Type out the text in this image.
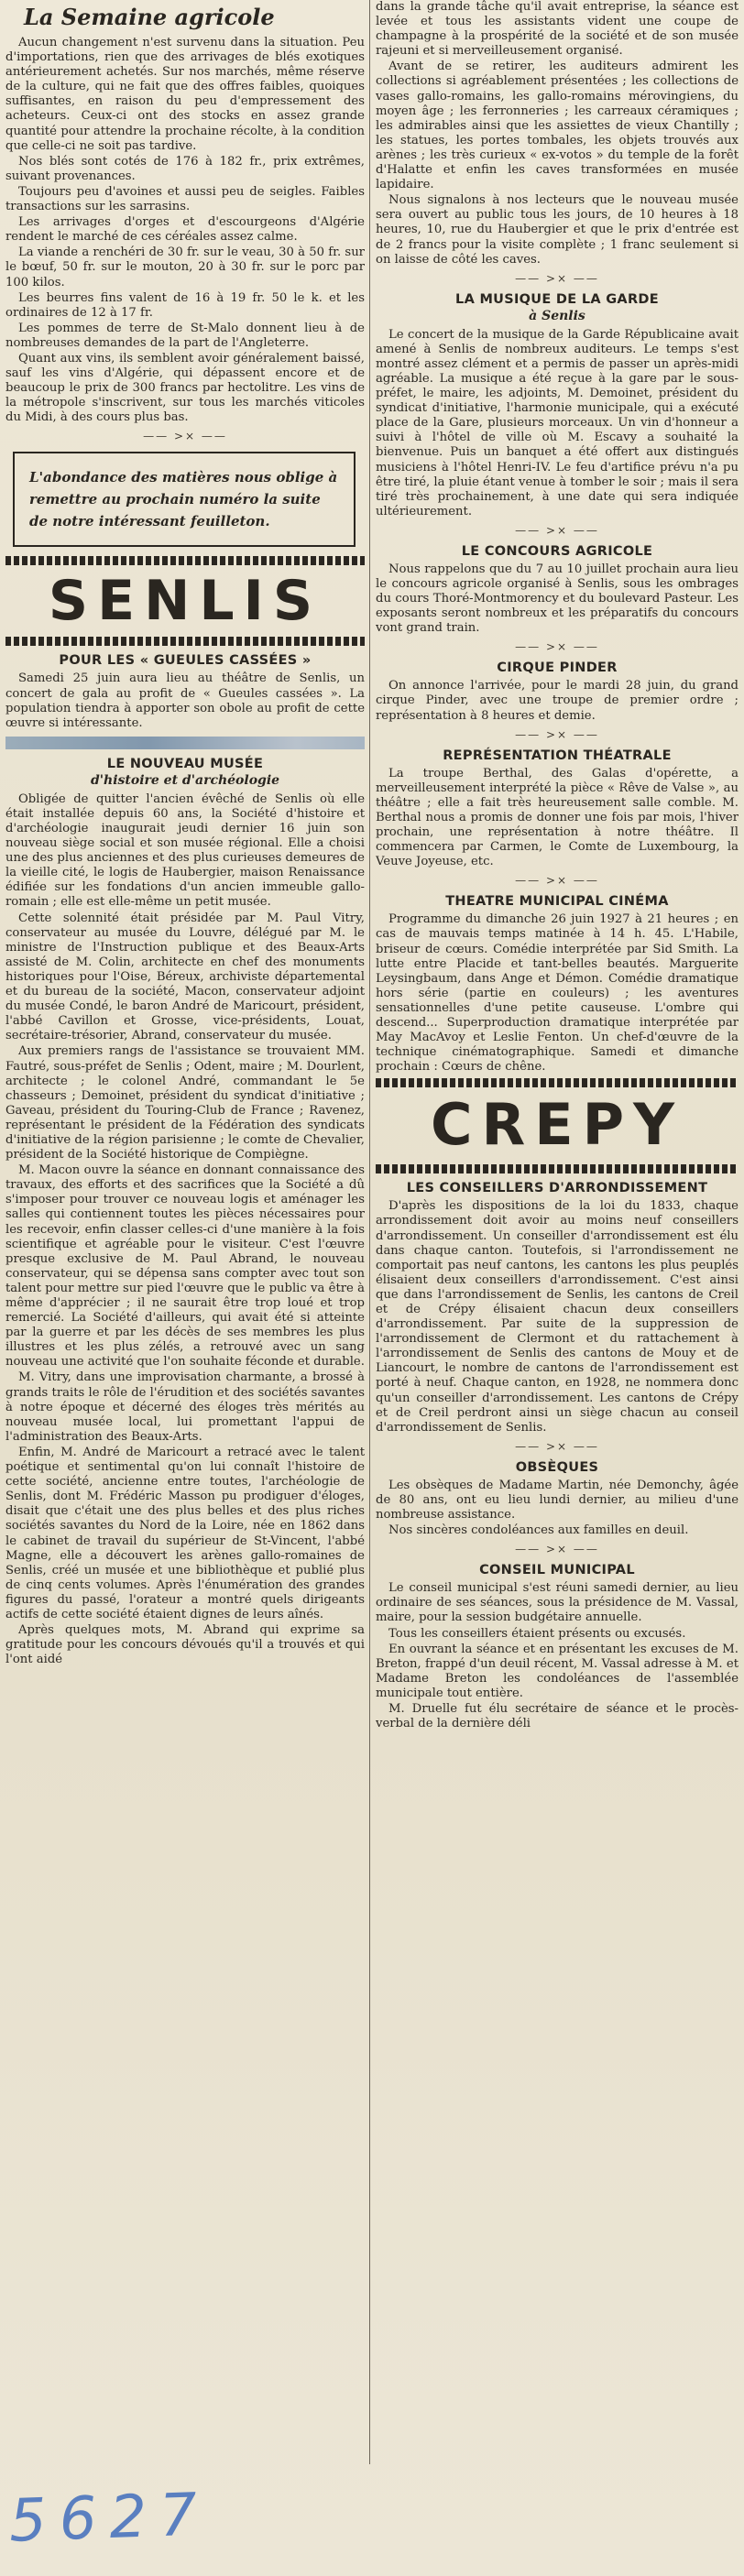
La Semaine agricole

Aucun changement n'est survenu dans la situation. Peu d'importations, rien que des arrivages de blés exotiques antérieurement achetés. Sur nos marchés, même réserve de la culture, qui ne fait que des offres faibles, quoiques suffisantes, en raison du peu d'empressement des acheteurs. Ceux-ci ont des stocks en assez grande quantité pour attendre la prochaine récolte, à la condition que celle-ci ne soit pas tardive.

Nos blés sont cotés de 176 à 182 fr., prix extrêmes, suivant provenances.

Toujours peu d'avoines et aussi peu de seigles. Faibles transactions sur les sarrasins.

Les arrivages d'orges et d'escourgeons d'Algérie rendent le marché de ces céréales assez calme.

La viande a renchéri de 30 fr. sur le veau, 30 à 50 fr. sur le bœuf, 50 fr. sur le mouton, 20 à 30 fr. sur le porc par 100 kilos.

Les beurres fins valent de 16 à 19 fr. 50 le k. et les ordinaires de 12 à 17 fr.

Les pommes de terre de St-Malo donnent lieu à de nombreuses demandes de la part de l'Angleterre.

Quant aux vins, ils semblent avoir généralement baissé, sauf les vins d'Algérie, qui dépassent encore et de beaucoup le prix de 300 francs par hectolitre. Les vins de la métropole s'inscrivent, sur tous les marchés viticoles du Midi, à des cours plus bas.

—— >× ——
L'abondance des matières nous oblige à remettre au prochain numéro la suite de notre intéressant feuilleton.
SENLIS
POUR LES « GUEULES CASSÉES »

Samedi 25 juin aura lieu au théâtre de Senlis, un concert de gala au profit de « Gueules cassées ». La population tiendra à apporter son obole au profit de cette œuvre si intéressante.

LE NOUVEAU MUSÉE
d'histoire et d'archéologie

Obligée de quitter l'ancien évêché de Senlis où elle était installée depuis 60 ans, la Société d'histoire et d'archéologie inaugurait jeudi dernier 16 juin son nouveau siège social et son musée régional. Elle a choisi une des plus anciennes et des plus curieuses demeures de la vieille cité, le logis de Haubergier, maison Renaissance édifiée sur les fondations d'un ancien immeuble gallo-romain ; elle est elle-même un petit musée.

Cette solennité était présidée par M. Paul Vitry, conservateur au musée du Louvre, délégué par M. le ministre de l'Instruction publique et des Beaux-Arts assisté de M. Colin, architecte en chef des monuments historiques pour l'Oise, Béreux, archiviste départemental et du bureau de la société, Macon, conservateur adjoint du musée Condé, le baron André de Maricourt, président, l'abbé Cavillon et Grosse, vice-présidents, Louat, secrétaire-trésorier, Abrand, conservateur du musée.

Aux premiers rangs de l'assistance se trouvaient MM. Fautré, sous-préfet de Senlis ; Odent, maire ; M. Dourlent, architecte ; le colonel André, commandant le 5e chasseurs ; Demoinet, président du syndicat d'initiative ; Gaveau, président du Touring-Club de France ; Ravenez, représentant le président de la Fédération des syndicats d'initiative de la région parisienne ; le comte de Chevalier, président de la Société historique de Compiègne.

M. Macon ouvre la séance en donnant connaissance des travaux, des efforts et des sacrifices que la Société a dû s'imposer pour trouver ce nouveau logis et aménager les salles qui contiennent toutes les pièces nécessaires pour les recevoir, enfin classer celles-ci d'une manière à la fois scientifique et agréable pour le visiteur. C'est l'œuvre presque exclusive de M. Paul Abrand, le nouveau conservateur, qui se dépensa sans compter avec tout son talent pour mettre sur pied l'œuvre que le public va être à même d'apprécier ; il ne saurait être trop loué et trop remercié. La Société d'ailleurs, qui avait été si atteinte par la guerre et par les décès de ses membres les plus illustres et les plus zélés, a retrouvé avec un sang nouveau une activité que l'on souhaite féconde et durable.

M. Vitry, dans une improvisation charmante, a brossé à grands traits le rôle de l'érudition et des sociétés savantes à notre époque et décerné des éloges très mérités au nouveau musée local, lui promettant l'appui de l'administration des Beaux-Arts.

Enfin, M. André de Maricourt a retracé avec le talent poétique et sentimental qu'on lui connaît l'histoire de cette société, ancienne entre toutes, l'archéologie de Senlis, dont M. Frédéric Masson pu prodiguer d'éloges, disait que c'était une des plus belles et des plus riches sociétés savantes du Nord de la Loire, née en 1862 dans le cabinet de travail du supérieur de St-Vincent, l'abbé Magne, elle a découvert les arènes gallo-romaines de Senlis, créé un musée et une bibliothèque et publié plus de cinq cents volumes. Après l'énumération des grandes figures du passé, l'orateur a montré quels dirigeants actifs de cette société étaient dignes de leurs aînés.

Après quelques mots, M. Abrand qui exprime sa gratitude pour les concours dévoués qu'il a trouvés et qui l'ont aidé

dans la grande tâche qu'il avait entreprise, la séance est levée et tous les assistants vident une coupe de champagne à la prospérité de la société et de son musée rajeuni et si merveilleusement organisé.

Avant de se retirer, les auditeurs admirent les collections si agréablement présentées ; les collections de vases gallo-romains, les gallo-romains mérovingiens, du moyen âge ; les ferronneries ; les carreaux céramiques ; les admirables ainsi que les assiettes de vieux Chantilly ; les statues, les portes tombales, les objets trouvés aux arènes ; les très curieux « ex-votos » du temple de la forêt d'Halatte et enfin les caves transformées en musée lapidaire.

Nous signalons à nos lecteurs que le nouveau musée sera ouvert au public tous les jours, de 10 heures à 18 heures, 10, rue du Haubergier et que le prix d'entrée est de 2 francs pour la visite complète ; 1 franc seulement si on laisse de côté les caves.

—— >× ——
LA MUSIQUE DE LA GARDE
à Senlis

Le concert de la musique de la Garde Républicaine avait amené à Senlis de nombreux auditeurs. Le temps s'est montré assez clément et a permis de passer un après-midi agréable. La musique a été reçue à la gare par le sous-préfet, le maire, les adjoints, M. Demoinet, président du syndicat d'initiative, l'harmonie municipale, qui a exécuté place de la Gare, plusieurs morceaux. Un vin d'honneur a suivi à l'hôtel de ville où M. Escavy a souhaité la bienvenue. Puis un banquet a été offert aux distingués musiciens à l'hôtel Henri-IV. Le feu d'artifice prévu n'a pu être tiré, la pluie étant venue à tomber le soir ; mais il sera tiré très prochainement, à une date qui sera indiquée ultérieurement.

—— >× ——
LE CONCOURS AGRICOLE

Nous rappelons que du 7 au 10 juillet prochain aura lieu le concours agricole organisé à Senlis, sous les ombrages du cours Thoré-Montmorency et du boulevard Pasteur. Les exposants seront nombreux et les préparatifs du concours vont grand train.

—— >× ——
CIRQUE PINDER

On annonce l'arrivée, pour le mardi 28 juin, du grand cirque Pinder, avec une troupe de premier ordre ; représentation à 8 heures et demie.

—— >× ——
REPRÉSENTATION THÉATRALE

La troupe Berthal, des Galas d'opérette, a merveilleusement interprété la pièce « Rêve de Valse », au théâtre ; elle a fait très heureusement salle comble. M. Berthal nous a promis de donner une fois par mois, l'hiver prochain, une représentation à notre théâtre. Il commencera par Carmen, le Comte de Luxembourg, la Veuve Joyeuse, etc.

—— >× ——
THEATRE MUNICIPAL CINÉMA

Programme du dimanche 26 juin 1927 à 21 heures ; en cas de mauvais temps matinée à 14 h. 45. L'Habile, briseur de cœurs. Comédie interprétée par Sid Smith. La lutte entre Placide et tant-belles beautés. Marguerite Leysingbaum, dans Ange et Démon. Comédie dramatique hors série (partie en couleurs) ; les aventures sensationnelles d'une petite causeuse. L'ombre qui descend... Superproduction dramatique interprétée par May MacAvoy et Leslie Fenton. Un chef-d'œuvre de la technique cinématographique. Samedi et dimanche prochain : Cœurs de chêne.

CREPY
LES CONSEILLERS D'ARRONDISSEMENT

D'après les dispositions de la loi du 1833, chaque arrondissement doit avoir au moins neuf conseillers d'arrondissement. Un conseiller d'arrondissement est élu dans chaque canton. Toutefois, si l'arrondissement ne comportait pas neuf cantons, les cantons les plus peuplés élisaient deux conseillers d'arrondissement. C'est ainsi que dans l'arrondissement de Senlis, les cantons de Creil et de Crépy élisaient chacun deux conseillers d'arrondissement. Par suite de la suppression de l'arrondissement de Clermont et du rattachement à l'arrondissement de Senlis des cantons de Mouy et de Liancourt, le nombre de cantons de l'arrondissement est porté à neuf. Chaque canton, en 1928, ne nommera donc qu'un conseiller d'arrondissement. Les cantons de Crépy et de Creil perdront ainsi un siège chacun au conseil d'arrondissement de Senlis.

—— >× ——
OBSÈQUES

Les obsèques de Madame Martin, née Demonchy, âgée de 80 ans, ont eu lieu lundi dernier, au milieu d'une nombreuse assistance.

Nos sincères condoléances aux familles en deuil.

—— >× ——
CONSEIL MUNICIPAL

Le conseil municipal s'est réuni samedi dernier, au lieu ordinaire de ses séances, sous la présidence de M. Vassal, maire, pour la session budgétaire annuelle.

Tous les conseillers étaient présents ou excusés.

En ouvrant la séance et en présentant les excuses de M. Breton, frappé d'un deuil récent, M. Vassal adresse à M. et Madame Breton les condoléances de l'assemblée municipale tout entière.

M. Druelle fut élu secrétaire de séance et le procès-verbal de la dernière déli

5627
